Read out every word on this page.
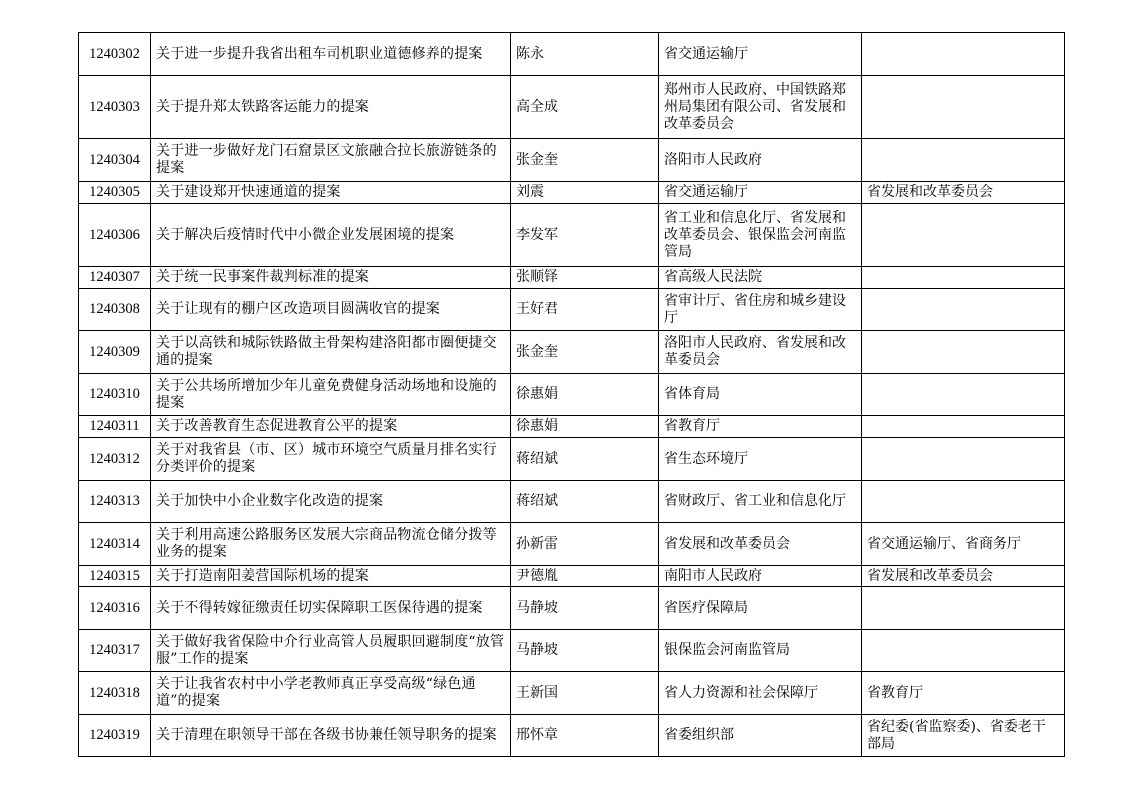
1240302	关于进一步提升我省出租车司机职业道德修养的提案	陈永	省交通运输厅	
1240303	关于提升郑太铁路客运能力的提案	高全成	郑州市人民政府、中国铁路郑州局集团有限公司、省发展和改革委员会	
1240304	关于进一步做好龙门石窟景区文旅融合拉长旅游链条的提案	张金奎	洛阳市人民政府	
1240305	关于建设郑开快速通道的提案	刘震	省交通运输厅	省发展和改革委员会
1240306	关于解决后疫情时代中小微企业发展困境的提案	李发军	省工业和信息化厅、省发展和改革委员会、银保监会河南监管局	
1240307	关于统一民事案件裁判标准的提案	张顺铎	省高级人民法院	
1240308	关于让现有的棚户区改造项目圆满收官的提案	王好君	省审计厅、省住房和城乡建设厅	
1240309	关于以高铁和城际铁路做主骨架构建洛阳都市圈便捷交通的提案	张金奎	洛阳市人民政府、省发展和改革委员会	
1240310	关于公共场所增加少年儿童免费健身活动场地和设施的提案	徐惠娟	省体育局	
1240311	关于改善教育生态促进教育公平的提案	徐惠娟	省教育厅	
1240312	关于对我省县（市、区）城市环境空气质量月排名实行分类评价的提案	蒋绍斌	省生态环境厅	
1240313	关于加快中小企业数字化改造的提案	蒋绍斌	省财政厅、省工业和信息化厅	
1240314	关于利用高速公路服务区发展大宗商品物流仓储分拨等业务的提案	孙新雷	省发展和改革委员会	省交通运输厅、省商务厅
1240315	关于打造南阳姜营国际机场的提案	尹德胤	南阳市人民政府	省发展和改革委员会
1240316	关于不得转嫁征缴责任切实保障职工医保待遇的提案	马静坡	省医疗保障局	
1240317	关于做好我省保险中介行业高管人员履职回避制度“放管服”工作的提案	马静坡	银保监会河南监管局	
1240318	关于让我省农村中小学老教师真正享受高级“绿色通道”的提案	王新国	省人力资源和社会保障厅	省教育厅
1240319	关于清理在职领导干部在各级书协兼任领导职务的提案	邢怀章	省委组织部	省纪委(省监察委)、省委老干部局
